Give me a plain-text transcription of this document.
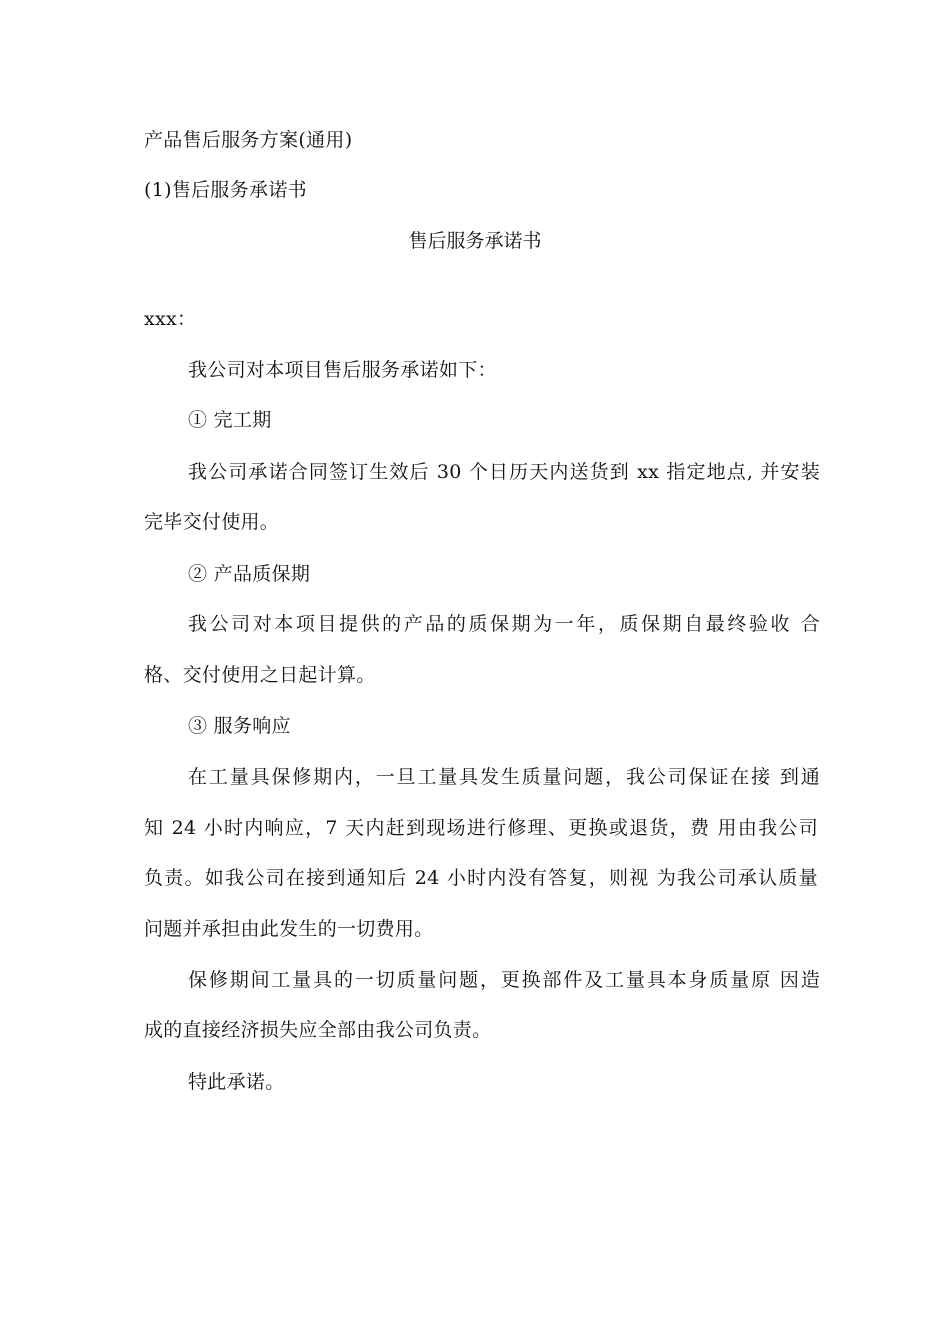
产品售后服务方案(通用)
(1)售后服务承诺书
售后服务承诺书
xxx：
我公司对本项目售后服务承诺如下：
① 完工期
我公司承诺合同签订生效后 30 个日历天内送货到 xx 指定地点, 并安装
完毕交付使用。
② 产品质保期
我公司对本项目提供的产品的质保期为一年，质保期自最终验收 合
格、交付使用之日起计算。
③ 服务响应
在工量具保修期内，一旦工量具发生质量问题，我公司保证在接 到通
知 24 小时内响应，7 天内赶到现场进行修理、更换或退货，费 用由我公司
负责。如我公司在接到通知后 24 小时内没有答复，则视 为我公司承认质量
问题并承担由此发生的一切费用。
保修期间工量具的一切质量问题，更换部件及工量具本身质量原 因造
成的直接经济损失应全部由我公司负责。
特此承诺。
